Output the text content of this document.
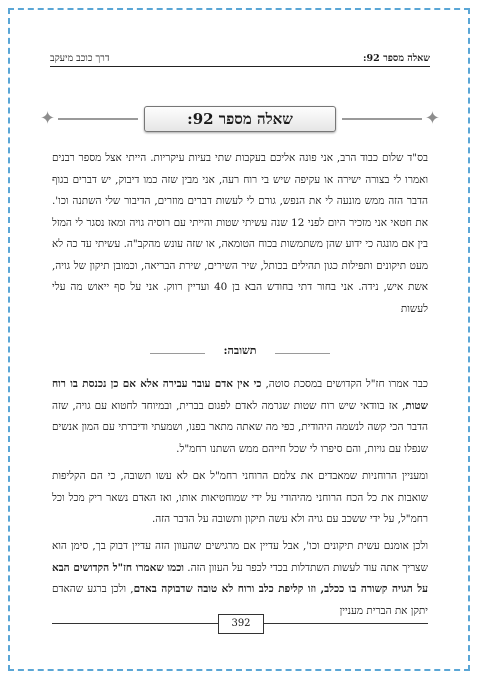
שאלה מספר 92:
דרך כוכב מיעקב
✦	שאלה מספר 92:	✦
בס"ד שלום כבוד הרב, אני פונה אליכם בעקבות שתי בעיות עיקריות. הייתי אצל מספר רבנים ואמרו לי בצורה ישירה או עקיפה שיש בי רוח רעה, אני מבין שזה כמו דיבוק, יש דברים בגוף הדבר הזה ממש מונעה לי את הנפש, גורם לי לעשות דברים מוזרים, הדיבור שלי השתנה וכו'. את חטאי אני מזכיר היום לפני 12 שנה עשיתי שטות והייתי עם רוסיה גויה ומאז נסגר לי המזל בין אם מונגה כי ידוע שהן משתמשות בכוח הטומאה, או שזה עונש מהקב"ה. עשיתי עד כה לא מעט תיקונים ותפילות כגון תהילים בכותל, שיר השירים, שירת הבריאה, וכמובן תיקון של גויה, אשת איש, נידה. אני בחור דתי בחודש הבא בן 40 ועדיין רווק. אני על סף ייאוש מה עלי לעשות
תשובה:
כבר אמרו חז"ל הקדושים במסכת סוטה, כי אין אדם עובר עבירה אלא אם כן נכנסת בו רוח שטות, אז בוודאי שיש רוח שטות שגרמה לאדם לפגום בברית, ובמיוחד לחטוא עם גויה, שזה הדבר הכי קשה לנשמה היהודית, כפי מה שאתה מתאר בפנו, ושמעתי ודיברתי עם המון אנשים שנפלו עם גויות, והם סיפרו לי שכל חייהם ממש השתנו רחמ"ל.
ומעניין הרוחניות שמאבדים את צלמם הרוחני רחמ"ל אם לא עשו תשובה, כי הם הקליפות שואבות את כל הכח הרוחני מהיהודי על ידי שמוחטיאות אותו, ואז האדם נשאר ריק מכל וכל רחמ"ל, על ידי ששכב עם גויה ולא עשה תיקון ותשובה על הדבר הזה.
ולכן אומנם עשית תיקונים וכו', אבל עדיין אם מרגישים שהעוון הזה עדיין דבוק בך, סימן הוא שצריך אתה עוד לעשות השתדלות בכדי לכפר על העוון הזה. וכמו שאמרו חז"ל הקדושים הבא על הגויה קשורה בו ככלב, וזו קליפת כלב ורוח לא טובה שדבוקה באדם, ולכן ברגע שהאדם יתקן את הברית מעניין
392
